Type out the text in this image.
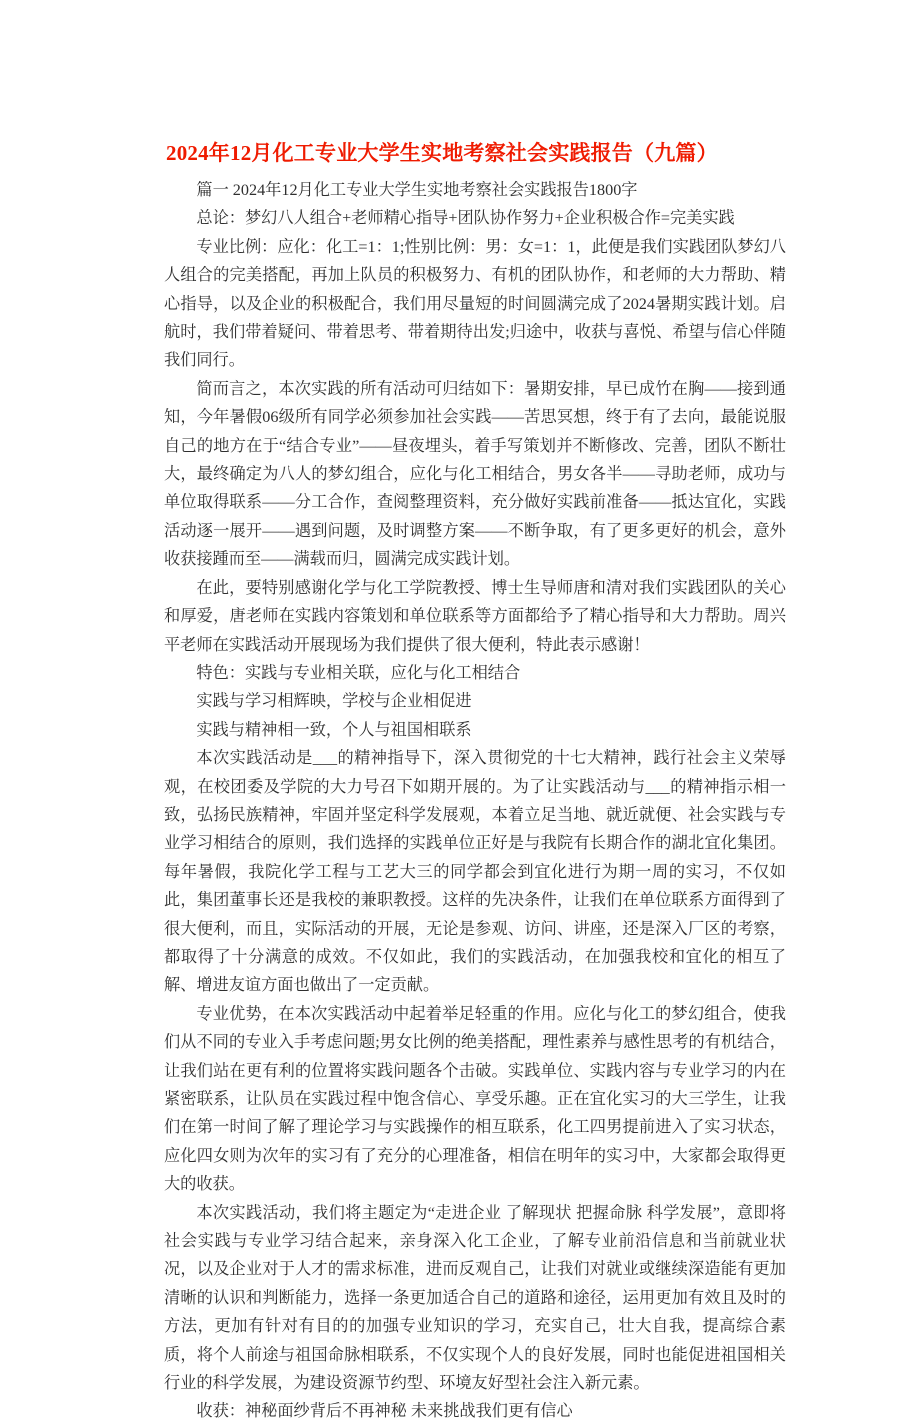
2024年12月化工专业大学生实地考察社会实践报告（九篇）

篇一 2024年12月化工专业大学生实地考察社会实践报告1800字

总论：梦幻八人组合+老师精心指导+团队协作努力+企业积极合作=完美实践

专业比例：应化：化工=1：1;性别比例：男：女=1：1，此便是我们实践团队梦幻八人组合的完美搭配，再加上队员的积极努力、有机的团队协作，和老师的大力帮助、精心指导，以及企业的积极配合，我们用尽量短的时间圆满完成了2024暑期实践计划。启航时，我们带着疑问、带着思考、带着期待出发;归途中，收获与喜悦、希望与信心伴随我们同行。

简而言之，本次实践的所有活动可归结如下：暑期安排，早已成竹在胸——接到通知，今年暑假06级所有同学必须参加社会实践——苦思冥想，终于有了去向，最能说服自己的地方在于“结合专业”——昼夜埋头，着手写策划并不断修改、完善，团队不断壮大，最终确定为八人的梦幻组合，应化与化工相结合，男女各半——寻助老师，成功与单位取得联系——分工合作，查阅整理资料，充分做好实践前准备——抵达宜化，实践活动逐一展开——遇到问题，及时调整方案——不断争取，有了更多更好的机会，意外收获接踵而至——满载而归，圆满完成实践计划。

在此，要特别感谢化学与化工学院教授、博士生导师唐和清对我们实践团队的关心和厚爱，唐老师在实践内容策划和单位联系等方面都给予了精心指导和大力帮助。周兴平老师在实践活动开展现场为我们提供了很大便利，特此表示感谢！

特色：实践与专业相关联，应化与化工相结合

实践与学习相辉映，学校与企业相促进

实践与精神相一致，个人与祖国相联系

本次实践活动是___的精神指导下，深入贯彻党的十七大精神，践行社会主义荣辱观，在校团委及学院的大力号召下如期开展的。为了让实践活动与___的精神指示相一致，弘扬民族精神，牢固并坚定科学发展观，本着立足当地、就近就便、社会实践与专业学习相结合的原则，我们选择的实践单位正好是与我院有长期合作的湖北宜化集团。每年暑假，我院化学工程与工艺大三的同学都会到宜化进行为期一周的实习，不仅如此，集团董事长还是我校的兼职教授。这样的先决条件，让我们在单位联系方面得到了很大便利，而且，实际活动的开展，无论是参观、访问、讲座，还是深入厂区的考察，都取得了十分满意的成效。不仅如此，我们的实践活动，在加强我校和宜化的相互了解、增进友谊方面也做出了一定贡献。

专业优势，在本次实践活动中起着举足轻重的作用。应化与化工的梦幻组合，使我们从不同的专业入手考虑问题;男女比例的绝美搭配，理性素养与感性思考的有机结合，让我们站在更有利的位置将实践问题各个击破。实践单位、实践内容与专业学习的内在紧密联系，让队员在实践过程中饱含信心、享受乐趣。正在宜化实习的大三学生，让我们在第一时间了解了理论学习与实践操作的相互联系，化工四男提前进入了实习状态，应化四女则为次年的实习有了充分的心理准备，相信在明年的实习中，大家都会取得更大的收获。

本次实践活动，我们将主题定为“走进企业 了解现状 把握命脉 科学发展”，意即将社会实践与专业学习结合起来，亲身深入化工企业，了解专业前沿信息和当前就业状况，以及企业对于人才的需求标准，进而反观自己，让我们对就业或继续深造能有更加清晰的认识和判断能力，选择一条更加适合自己的道路和途径，运用更加有效且及时的方法，更加有针对有目的的加强专业知识的学习，充实自己，壮大自我，提高综合素质，将个人前途与祖国命脉相联系，不仅实现个人的良好发展，同时也能促进祖国相关行业的科学发展，为建设资源节约型、环境友好型社会注入新元素。

收获：神秘面纱背后不再神秘 未来挑战我们更有信心
